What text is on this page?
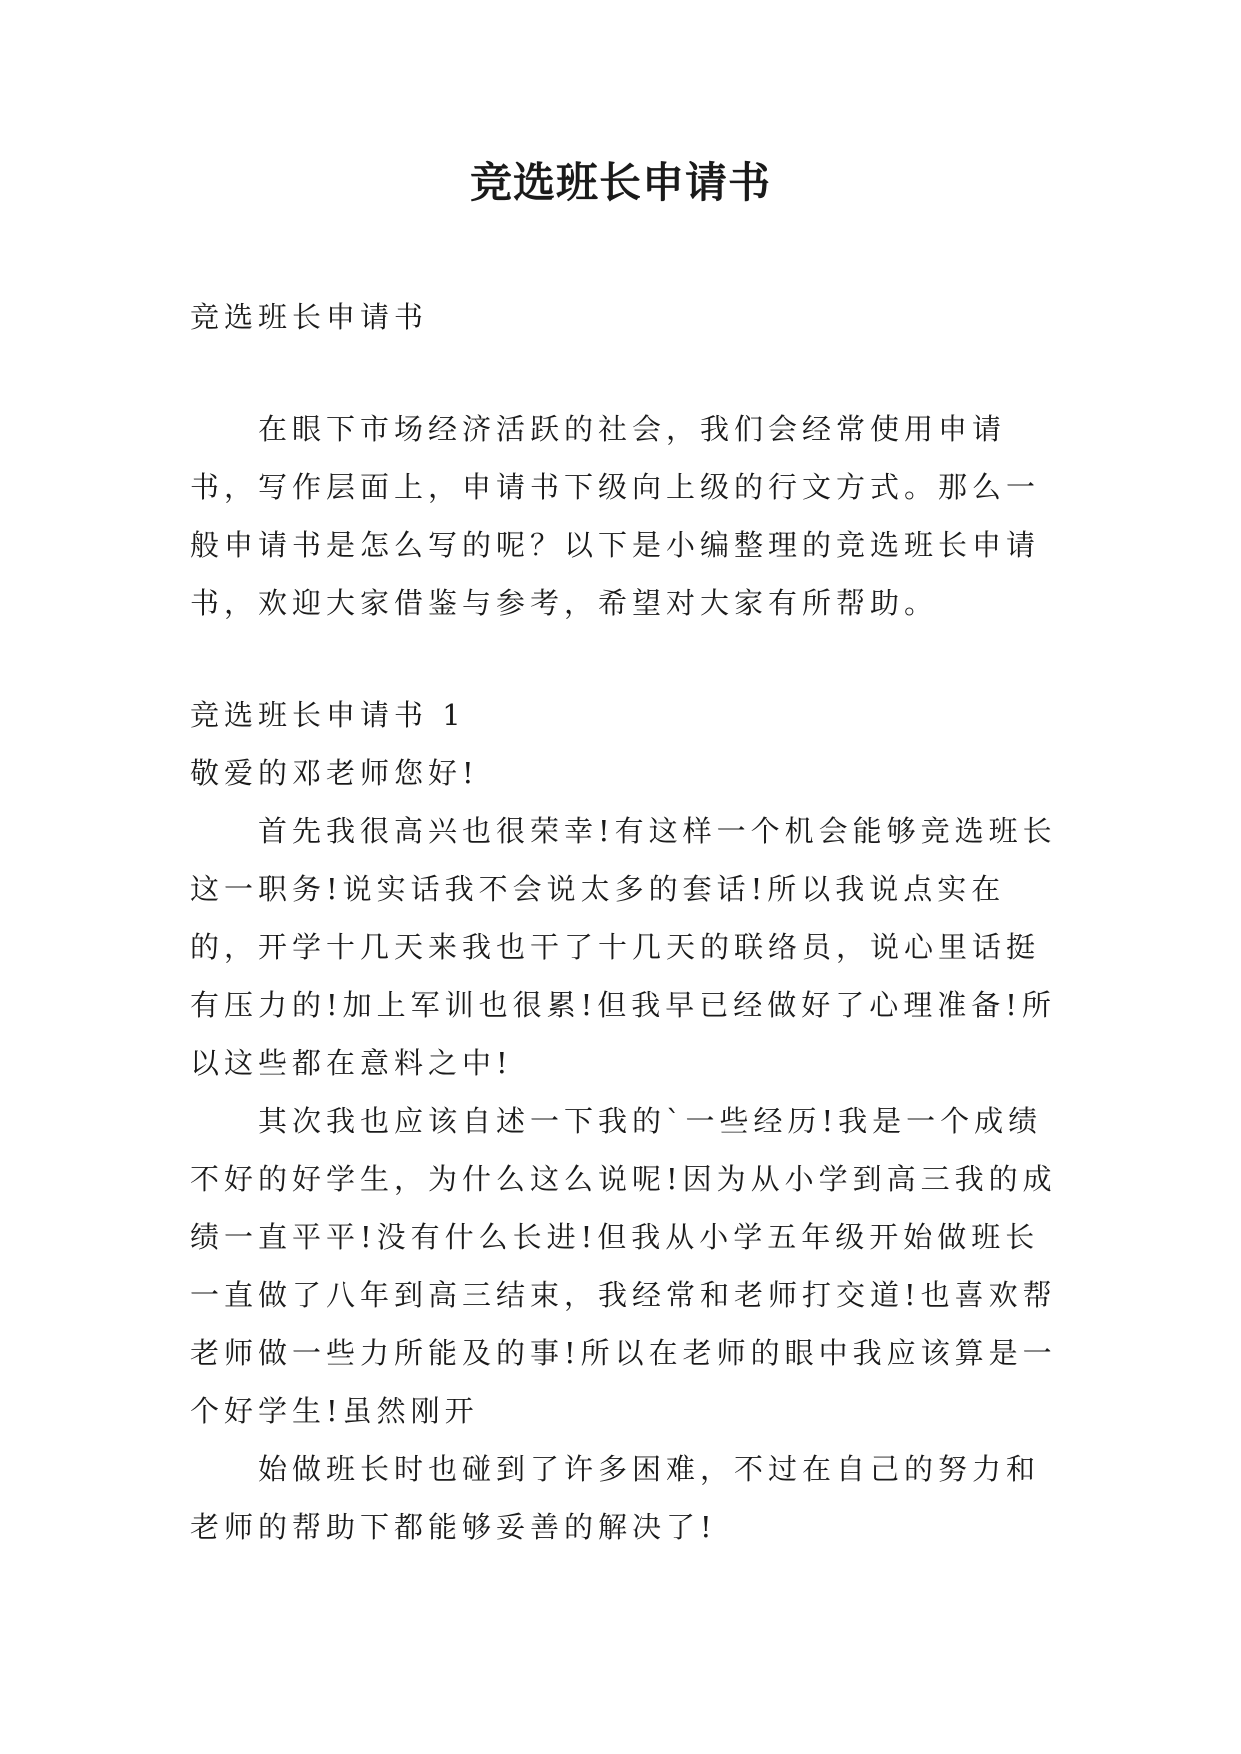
竞选班长申请书

竞选班长申请书

在眼下市场经济活跃的社会，我们会经常使用申请书，写作层面上，申请书下级向上级的行文方式。那么一般申请书是怎么写的呢？以下是小编整理的竞选班长申请书，欢迎大家借鉴与参考，希望对大家有所帮助。

竞选班长申请书 1

敬爱的邓老师您好!

首先我很高兴也很荣幸!有这样一个机会能够竞选班长这一职务!说实话我不会说太多的套话!所以我说点实在的，开学十几天来我也干了十几天的联络员，说心里话挺有压力的!加上军训也很累!但我早已经做好了心理准备!所以这些都在意料之中!

其次我也应该自述一下我的`一些经历!我是一个成绩不好的好学生，为什么这么说呢!因为从小学到高三我的成绩一直平平!没有什么长进!但我从小学五年级开始做班长一直做了八年到高三结束，我经常和老师打交道!也喜欢帮老师做一些力所能及的事!所以在老师的眼中我应该算是一个好学生!虽然刚开

始做班长时也碰到了许多困难，不过在自己的努力和老师的帮助下都能够妥善的解决了!
